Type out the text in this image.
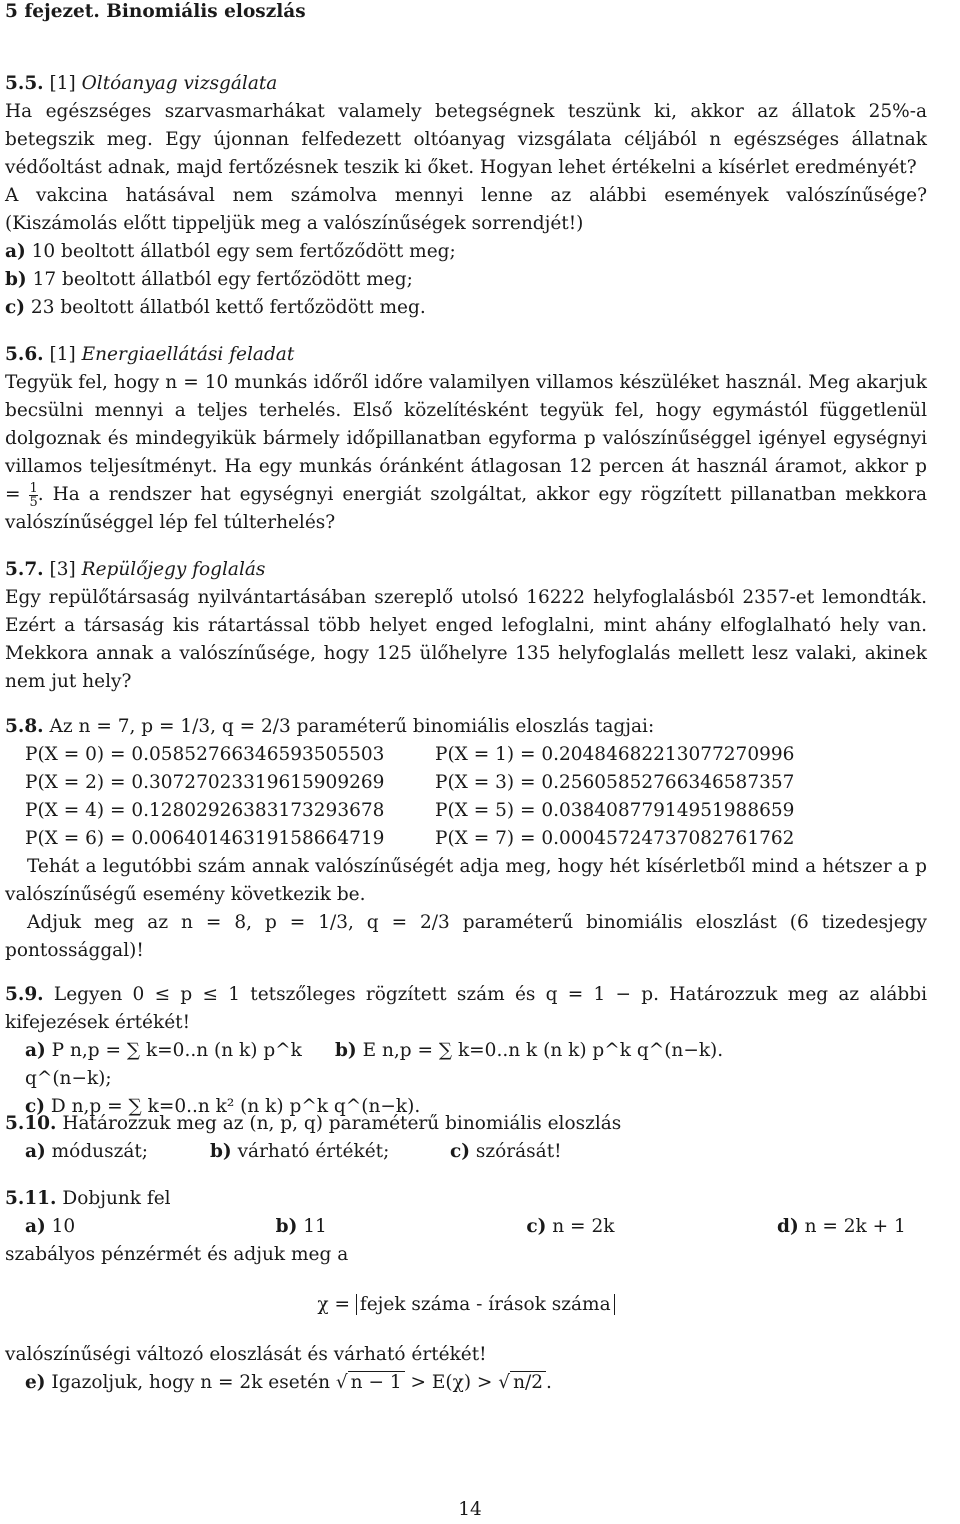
5 fejezet. Binomiális eloszlás

5.5. [1] Oltóanyag vizsgálata

Ha egészséges szarvasmarhákat valamely betegségnek teszünk ki, akkor az állatok 25%-a betegszik meg. Egy újonnan felfedezett oltóanyag vizsgálata céljából n egészséges állatnak védőoltást adnak, majd fertőzésnek teszik ki őket. Hogyan lehet értékelni a kísérlet eredményét?

A vakcina hatásával nem számolva mennyi lenne az alábbi események valószínűsége? (Kiszámolás előtt tippeljük meg a valószínűségek sorrendjét!)

a) 10 beoltott állatból egy sem fertőződött meg;

b) 17 beoltott állatból egy fertőzödött meg;

c) 23 beoltott állatból kettő fertőzödött meg.

5.6. [1] Energiaellátási feladat

Tegyük fel, hogy n = 10 munkás időről időre valamilyen villamos készüléket használ. Meg akarjuk becsülni mennyi a teljes terhelés. Első közelítésként tegyük fel, hogy egymástól függetlenül dolgoznak és mindegyikük bármely időpillanatban egyforma p valószínűséggel igényel egységnyi villamos teljesítményt. Ha egy munkás óránként átlagosan 12 percen át használ áramot, akkor $p = \frac{1}{5}$ . Ha a rendszer hat egységnyi energiát szolgáltat, akkor egy rögzített pillanatban mekkora valószínűséggel lép fel túlterhelés?

5.7. [3] Repülőjegy foglalás

Egy repülőtársaság nyilvántartásában szereplő utolsó 16222 helyfoglalásból 2357-et lemondták. Ezért a társaság kis rátartással több helyet enged lefoglalni, mint ahány elfoglalható hely van. Mekkora annak a valószínűsége, hogy 125 ülőhelyre 135 helyfoglalás mellett lesz valaki, akinek nem jut hely?

5.8. Az n = 7, p = 1/3, q = 2/3 paraméterű binomiális eloszlás tagjai:

P(X = 0) = 0.05852766346593505503	P(X = 1) = 0.20484682213077270996
P(X = 2) = 0.30727023319615909269	P(X = 3) = 0.25605852766346587357
P(X = 4) = 0.12802926383173293678	P(X = 5) = 0.03840877914951988659
P(X = 6) = 0.00640146319158664719	P(X = 7) = 0.00045724737082761762

Tehát a legutóbbi szám annak valószínűségét adja meg, hogy hét kísérletből mind a hétszer a p valószínűségű esemény következik be.

Adjuk meg az n = 8, p = 1/3, q = 2/3 paraméterű binomiális eloszlást (6 tizedesjegy pontossággal)!

5.9. Legyen 0 ≤ p ≤ 1 tetszőleges rögzített szám és q = 1 − p. Határozzuk meg az alábbi kifejezések értékét!

a) P n,p = ∑ k=0..n (n k) p^k q^(n−k);
b) E n,p = ∑ k=0..n k (n k) p^k q^(n−k).
c) D n,p = ∑ k=0..n k² (n k) p^k q^(n−k).

5.10. Határozzuk meg az (n, p, q) paraméterű binomiális eloszlás

a) móduszát;	b) várható értékét;	c) szórását!

5.11. Dobjunk fel

a) 10	b) 11	c) n = 2k	d) n = 2k + 1

szabályos pénzérmét és adjuk meg a

χ = fejek száma - írások száma

valószínűségi változó eloszlását és várható értékét!

e) Igazoljuk, hogy n = 2k esetén √ n − 1 > E(χ) > √ n/2 .

14
